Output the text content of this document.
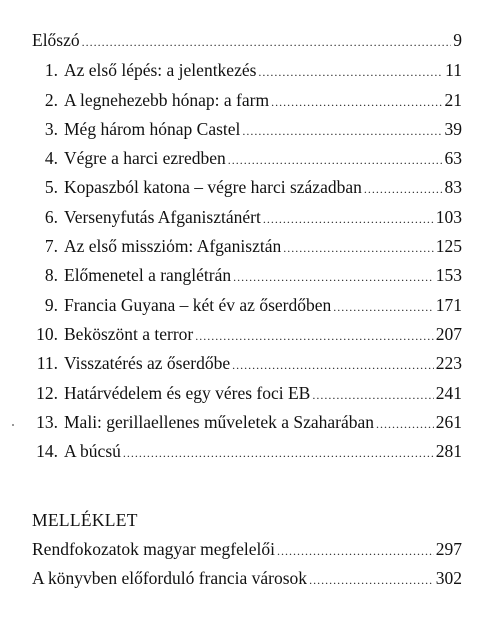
Előszó .....	9
1. Az első lépés: a jelentkezés .....	11
2. A legnehezebb hónap: a farm .....	21
3. Még három hónap Castel .....	39
4. Végre a harci ezredben .....	63
5. Kopaszból katona – végre harci században .....	83
6. Versenyfutás Afganisztánért .....	103
7. Az első missziόm: Afganisztán .....	125
8. Előmenetel a ranglétrán .....	153
9. Francia Guyana – két év az őserdőben .....	171
10. Beköszönt a terror .....	207
11. Visszatérés az őserdőbe .....	223
12. Határvédelem és egy véres foci EB .....	241
13. Mali: gerillaellenes műveletek a Szaharában .....	261
14. A búcsú .....	281
MELLÉKLET
Rendfokozatok magyar megfelelői .....	297
A könyvben előforduló francia városok .....	302
